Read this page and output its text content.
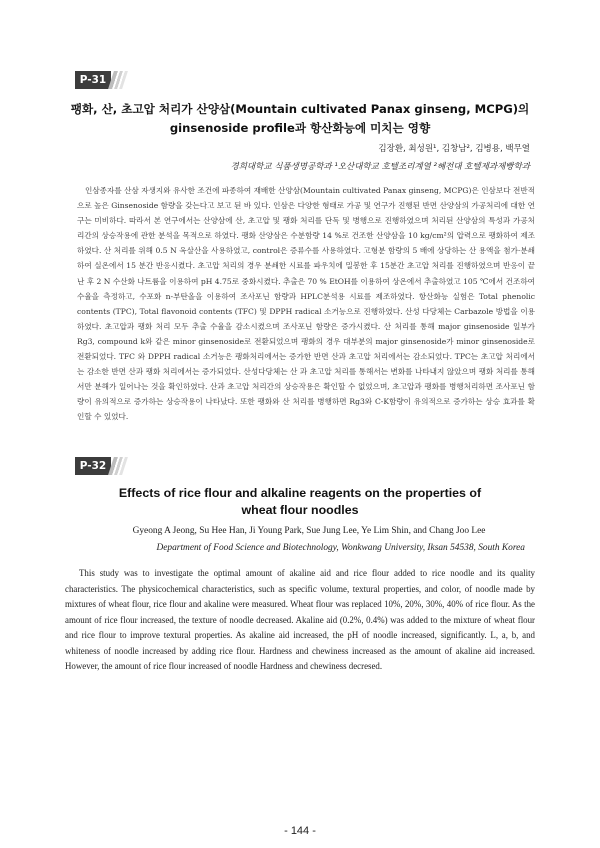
P-31
팽화, 산, 초고압 처리가 산양삼(Mountain cultivated Panax ginseng, MCPG)의
ginsenoside profile과 항산화능에 미치는 영향
김장환, 최성원¹, 김창남², 김병용, 백무열
경희대학교 식품생명공학과 ¹오산대학교 호텔조리계열 ²혜전대 호텔제과제빵학과
인삼종자를 산삼 자생지와 유사한 조건에 파종하여 재배한 산양삼(Mountain cultivated Panax ginseng, MCPG)은 인삼보다 전반적으로 높은 Ginsenoside 함량을 갖는다고 보고 된 바 있다. 인삼은 다양한 형태로 가공 및 연구가 진행된 반면 산양삼의 가공처리에 대한 연구는 미비하다. 따라서 본 연구에서는 산양삼에 산, 초고압 및 팽화 처리를 단독 및 병행으로 진행하였으며 처리된 산양삼의 특성과 가공처리간의 상승작용에 관한 분석을 목적으로 하였다. 팽화 산양삼은 수분함량 14 %로 건조한 산양삼을 10 kg/cm²의 압력으로 팽화하여 제조하였다. 산 처리를 위해 0.5 N 옥살산을 사용하였고, control은 증류수를 사용하였다. 고형분 함량의 5 배에 상당하는 산 용액을 첨가·분쇄하여 실온에서 15 분간 반응시켰다. 초고압 처리의 경우 분쇄한 시료를 파우치에 밀봉한 후 15분간 초고압 처리를 진행하였으며 반응이 끝난 후 2 N 수산화 나트륨을 이용하여 pH 4.75로 중화시켰다. 추출은 70 % EtOH를 이용하여 상온에서 추출하였고 105 ℃에서 건조하여 수율을 측정하고, 수포화 n-부탄올을 이용하여 조사포닌 함량과 HPLC분석용 시료를 제조하였다. 항산화능 실험은 Total phenolic contents (TPC), Total flavonoid contents (TFC) 및 DPPH radical 소거능으로 진행하였다. 산성 다당체는 Carbazole 방법을 이용하였다. 초고압과 팽화 처리 모두 추출 수율을 감소시켰으며 조사포닌 함량은 증가시켰다. 산 처리를 통해 major ginsenoside 일부가 Rg3, compound k와 같은 minor ginsenoside로 전환되었으며 팽화의 경우 대부분의 major ginsenoside가 minor ginsenoside로 전환되었다. TFC 와 DPPH radical 소거능은 팽화처리에서는 증가한 반면 산과 초고압 처리에서는 감소되었다. TPC는 초고압 처리에서는 감소한 반면 산과 팽화 처리에서는 증가되었다. 산성다당체는 산 과 초고압 처리를 통해서는 변화를 나타내지 않았으며 팽화 처리를 통해서만 분해가 일어나는 것을 확인하였다. 산과 초고압 처리간의 상승작용은 확인할 수 없었으며, 초고압과 팽화를 병행처리하면 조사포닌 함량이 유의적으로 증가하는 상승작용이 나타났다. 또한 팽화와 산 처리를 병행하면 Rg3와 C-K함량이 유의적으로 증가하는 상승 효과를 확인할 수 있었다.
P-32
Effects of rice flour and alkaline reagents on the properties of
wheat flour noodles
Gyeong A Jeong, Su Hee Han, Ji Young Park, Sue Jung Lee, Ye Lim Shin, and Chang Joo Lee
Department of Food Science and Biotechnology, Wonkwang University, Iksan 54538, South Korea
This study was to investigate the optimal amount of akaline aid and rice flour added to rice noodle and its quality characteristics. The physicochemical characteristics, such as specific volume, textural properties, and color, of noodle made by mixtures of wheat flour, rice flour and akaline were measured. Wheat flour was replaced 10%, 20%, 30%, 40% of rice flour. As the amount of rice flour increased, the texture of noodle decreased. Akaline aid (0.2%, 0.4%) was added to the mixture of wheat flour and rice flour to improve textural properties. As akaline aid increased, the pH of noodle increased, significantly. L, a, b, and whiteness of noodle increased by adding rice flour. Hardness and chewiness increased as the amount of akaline aid increased. However, the amount of rice flour increased of noodle Hardness and chewiness decresed.
- 144 -
